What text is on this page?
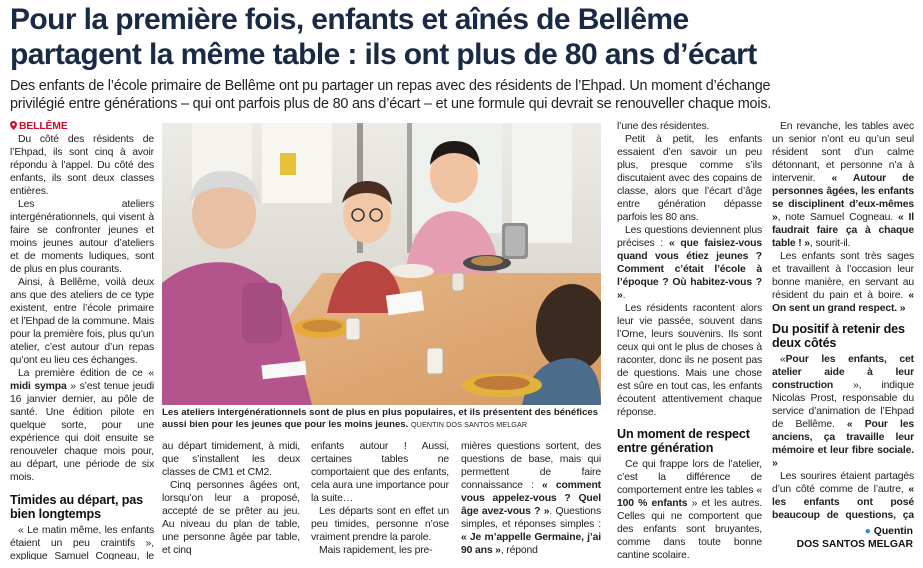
Pour la première fois, enfants et aînés de Bellême
partagent la même table : ils ont plus de 80 ans d’écart
Des enfants de l’école primaire de Bellême ont pu partager un repas avec des résidents de l’Ehpad. Un moment d’échange
privilégié entre générations – qui ont parfois plus de 80 ans d’écart – et une formule qui devrait se renouveller chaque mois.

BELLÊME

Du côté des résidents de l’Ehpad, ils sont cinq à avoir répondu à l’appel. Du côté des enfants, ils sont deux classes entières.

Les ateliers intergénérationnels, qui visent à faire se confronter jeunes et moins jeunes autour d’ateliers et de moments ludiques, sont de plus en plus courants.

Ainsi, à Bellême, voilà deux ans que des ateliers de ce type existent, entre l’école primaire et l’Ehpad de la commune. Mais pour la première fois, plus qu’un atelier, c’est autour d’un repas qu’ont eu lieu ces échanges.

La première édition de ce « midi sympa » s’est tenue jeudi 16 janvier dernier, au pôle de santé. Une édition pilote en quelque sorte, pour une expérience qui doit ensuite se renouveler chaque mois pour, au départ, une période de six mois.

Timides au départ, pas bien longtemps

« Le matin même, les enfants étaient un peu craintifs », explique Samuel Cogneau, le

Les ateliers intergénérationnels sont de plus en plus populaires, et ils présentent des bénéfices aussi bien pour les jeunes que pour les moins jeunes. QUENTIN DOS SANTOS MELGAR

au départ timidement, à midi, que s’installent les deux classes de CM1 et CM2.

Cinq personnes âgées ont, lorsqu’on leur a proposé, accepté de se prêter au jeu. Au niveau du plan de table, une personne âgée par table, et cinq

enfants autour ! Aussi, certaines tables ne comportaient que des enfants, cela aura une importance pour la suite…

Les départs sont en effet un peu timides, personne n’ose vraiment prendre la parole.

Mais rapidement, les pre-

mières questions sortent, des questions de base, mais qui permettent de faire connaissance : « comment vous appelez-vous ? Quel âge avez-vous ? ». Questions simples, et réponses simples : « Je m’appelle Germaine, j’ai 90 ans », répond

l’une des résidentes.

Petit à petit, les enfants essaient d’en savoir un peu plus, presque comme s’ils discutaient avec des copains de classe, alors que l’écart d’âge entre génération dépasse parfois les 80 ans.

Les questions deviennent plus précises : « que faisiez-vous quand vous étiez jeunes ? Comment c’était l’école à l’époque ? Où habitez-vous ? ».

Les résidents racontent alors leur vie passée, souvent dans l’Orne, leurs souvenirs. Ils sont ceux qui ont le plus de choses à raconter, donc ils ne posent pas de questions. Mais une chose est sûre en tout cas, les enfants écoutent attentivement chaque réponse.

Un moment de respect entre génération

Ce qui frappe lors de l’atelier, c’est la différence de comportement entre les tables « 100 % enfants » et les autres. Celles qui ne comportent que des enfants sont bruyantes, comme dans toute bonne cantine scolaire.

En revanche, les tables avec un senior n’ont eu qu’un seul résident sont d’un calme détonnant, et personne n’a à intervenir. « Autour de personnes âgées, les enfants se disciplinent d’eux-mêmes », note Samuel Cogneau. « Il faudrait faire ça à chaque table ! », sourit-il.

Les enfants sont très sages et travaillent à l’occasion leur bonne manière, en servant au résident du pain et à boire. « On sent un grand respect. »

Du positif à retenir des deux côtés

«Pour les enfants, cet atelier aide à leur construction », indique Nicolas Prost, responsable du service d’animation de l’Ehpad de Bellême. « Pour les anciens, ça travaille leur mémoire et leur fibre sociale. »

Les sourires étaient partagés d’un côté comme de l’autre, « les enfants ont posé beaucoup de questions, ça

● Quentin
DOS SANTOS MELGAR
